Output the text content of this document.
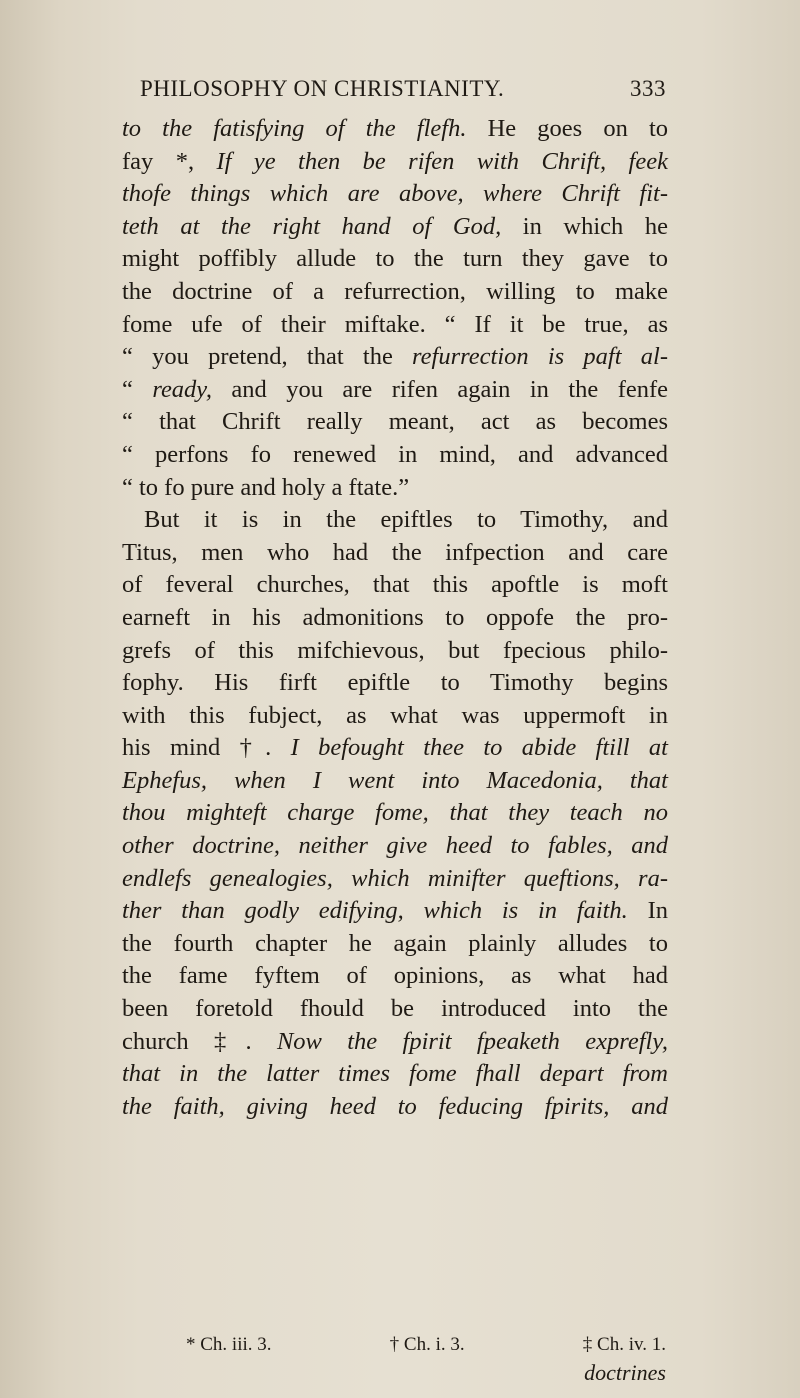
PHILOSOPHY ON CHRISTIANITY.	333
to the fatisfying of the flefh. He goes on to
fay *, If ye then be rifen with Chrift, feek
thofe things which are above, where Chrift fit-
teth at the right hand of God, in which he
might poffibly allude to the turn they gave to
the doctrine of a refurrection, willing to make
fome ufe of their miftake. “ If it be true, as
“ you pretend, that the refurrection is paft al-
“ ready, and you are rifen again in the fenfe
“ that Chrift really meant, act as becomes
“ perfons fo renewed in mind, and advanced
“ to fo pure and holy a ftate.”
But it is in the epiftles to Timothy, and
Titus, men who had the infpection and care
of feveral churches, that this apoftle is moft
earneft in his admonitions to oppofe the pro-
grefs of this mifchievous, but fpecious philo-
fophy. His firft epiftle to Timothy begins
with this fubject, as what was uppermoft in
his mind †. I befought thee to abide ftill at
Ephefus, when I went into Macedonia, that
thou mighteft charge fome, that they teach no
other doctrine, neither give heed to fables, and
endlefs genealogies, which minifter queftions, ra-
ther than godly edifying, which is in faith. In
the fourth chapter he again plainly alludes to
the fame fyftem of opinions, as what had
been foretold fhould be introduced into the
church ‡. Now the fpirit fpeaketh exprefly,
that in the latter times fome fhall depart from
the faith, giving heed to feducing fpirits, and
* Ch. iii. 3.	† Ch. i. 3.	‡ Ch. iv. 1.
doctrines
